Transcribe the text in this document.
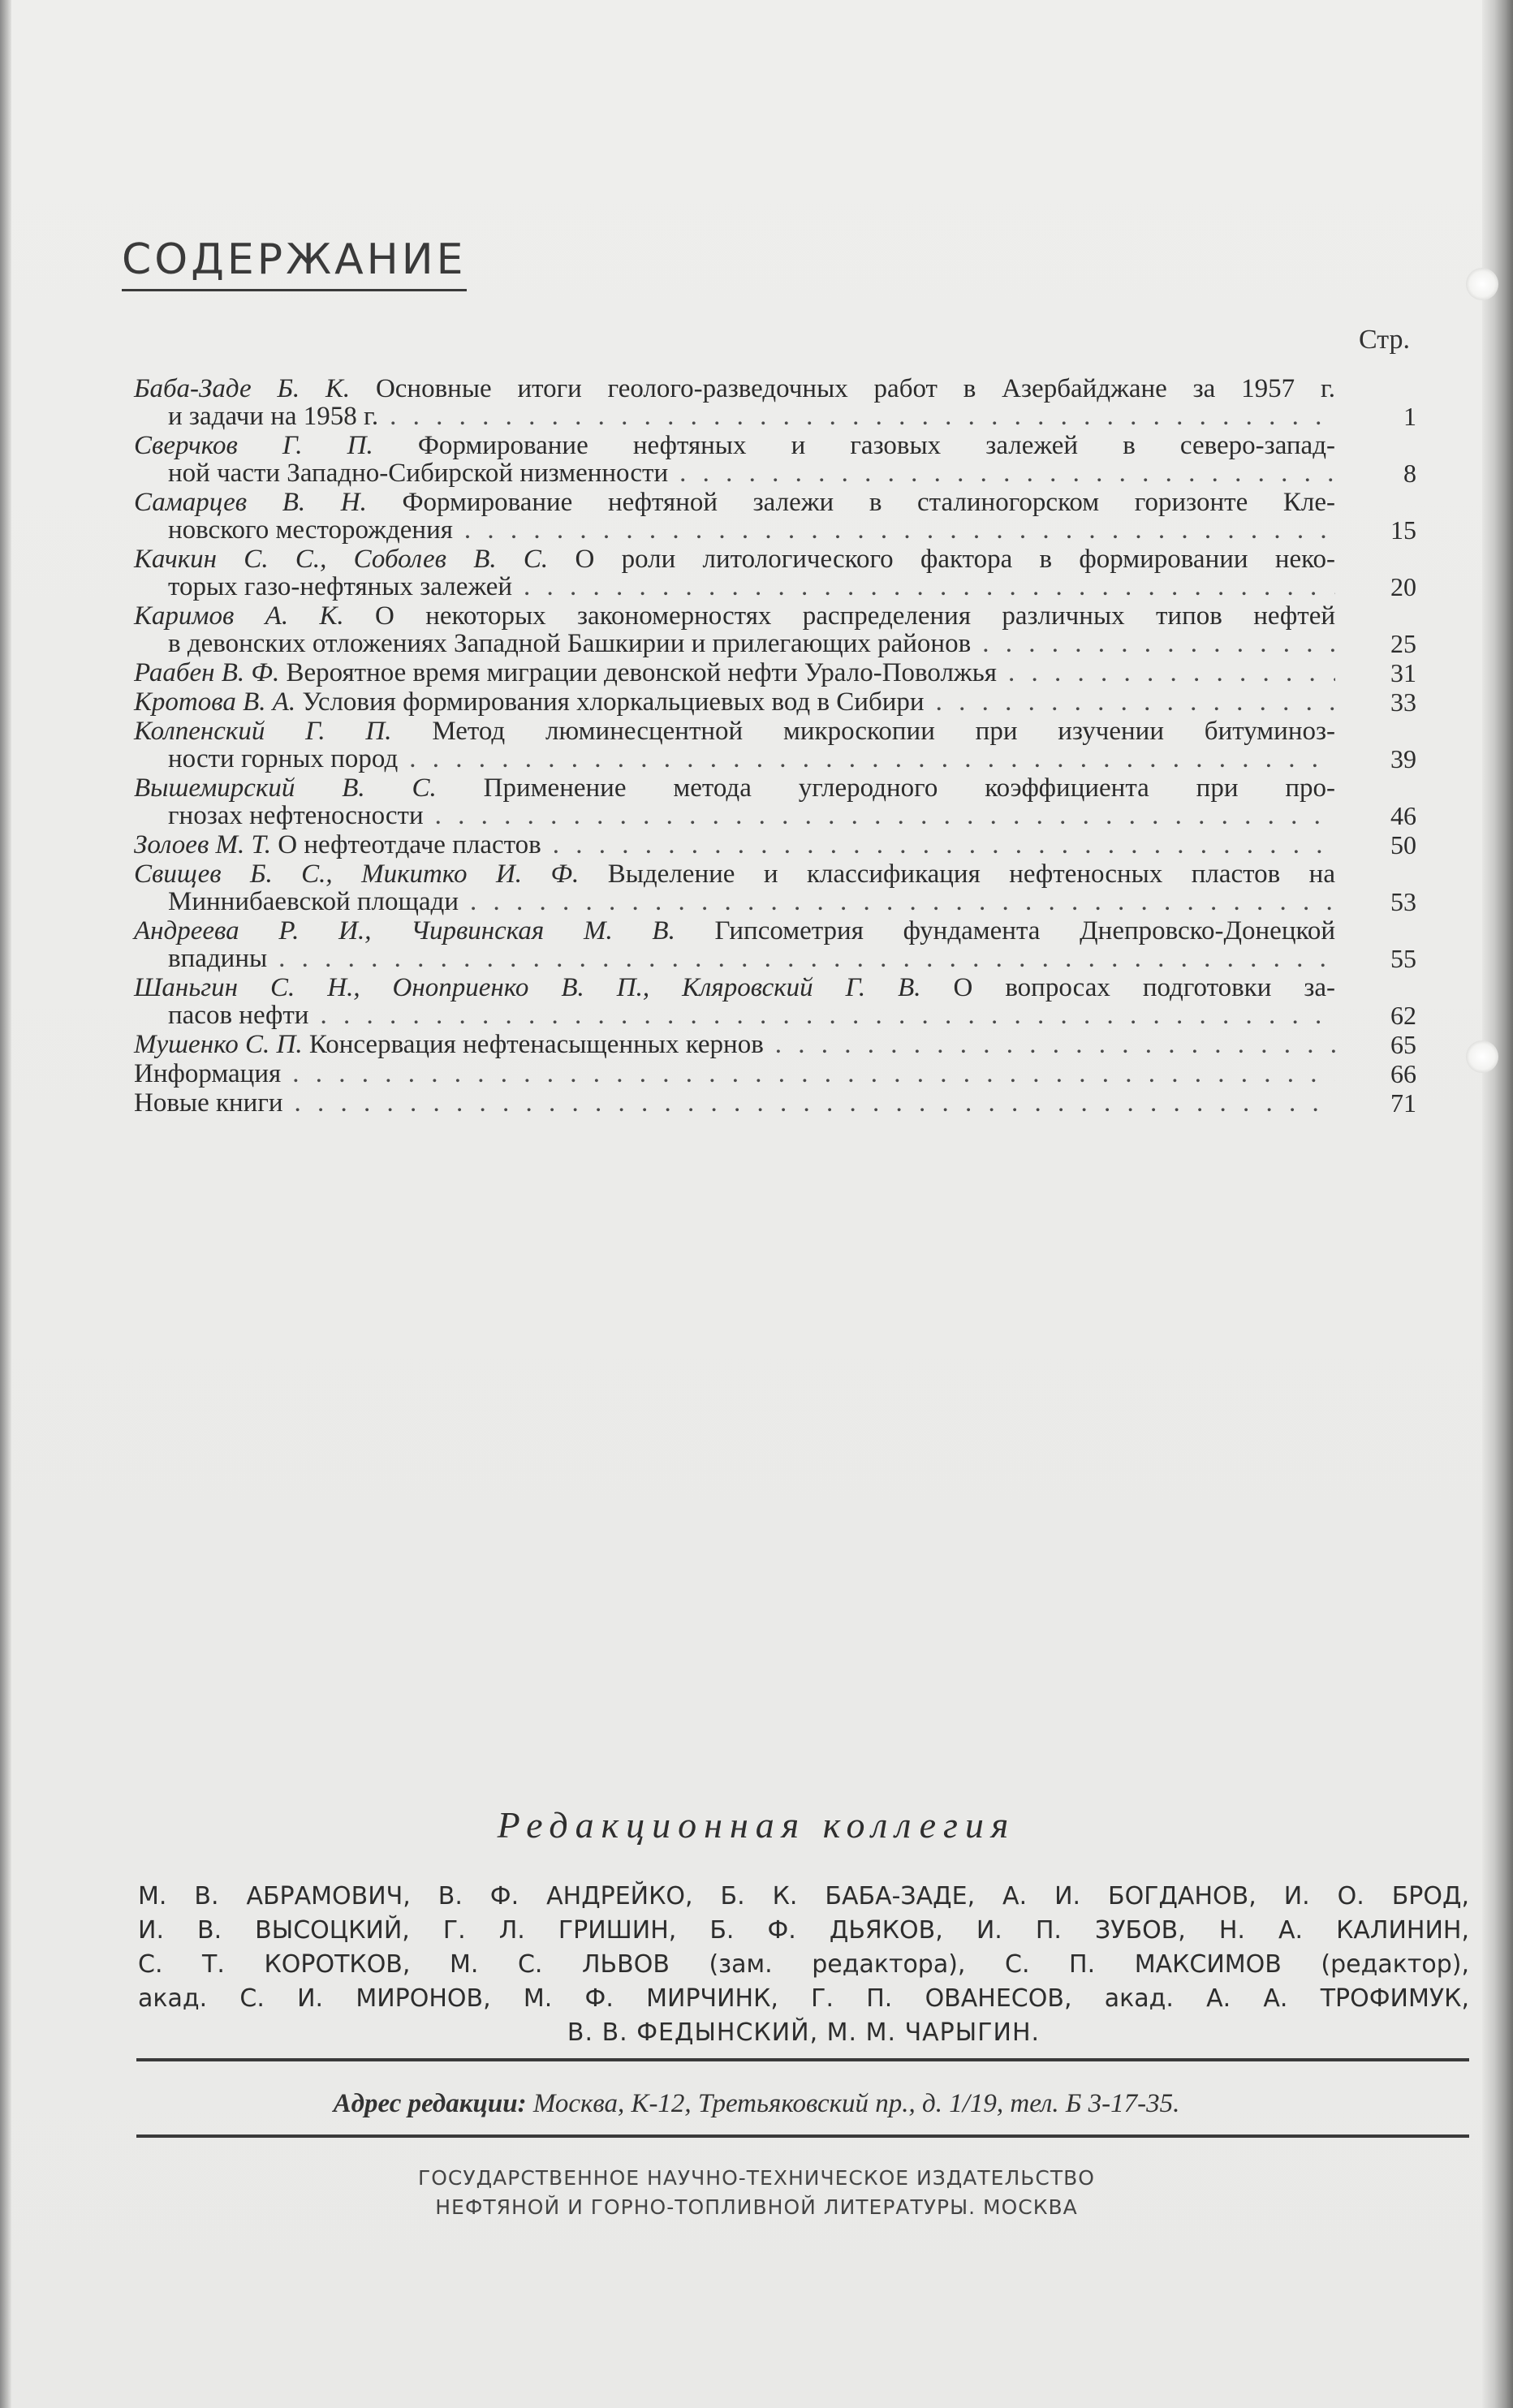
СОДЕРЖАНИЕ
Стр.
Баба-Заде Б. К. Основные итоги геолого-разведочных работ в Азербайджане за 1957 г.
и задачи на 1958 г. . . .	1
Сверчков Г. П. Формирование нефтяных и газовых залежей в северо-запад-
ной части Западно-Сибирской низменности . . .	8
Самарцев В. Н. Формирование нефтяной залежи в сталиногорском горизонте Кле-
новского месторождения . . .	15
Качкин С. С., Соболев В. С. О роли литологического фактора в формировании неко-
торых газо-нефтяных залежей . . .	20
Каримов А. К. О некоторых закономерностях распределения различных типов нефтей
в девонских отложениях Западной Башкирии и прилегающих районов . . .	25
Раабен В. Ф. Вероятное время миграции девонской нефти Урало-Поволжья . . .	31
Кротова В. А. Условия формирования хлоркальциевых вод в Сибири . . .	33
Колпенский Г. П. Метод люминесцентной микроскопии при изучении битуминоз-
ности горных пород . . .	39
Вышемирский В. С. Применение метода углеродного коэффициента при про-
гнозах нефтеносности . . .	46
Золоев М. Т. О нефтеотдаче пластов . . .	50
Свищев Б. С., Микитко И. Ф. Выделение и классификация нефтеносных пластов на
Миннибаевской площади . . .	53
Андреева Р. И., Чирвинская М. В. Гипсометрия фундамента Днепровско-Донецкой
впадины . . .	55
Шаньгин С. Н., Оноприенко В. П., Кляровский Г. В. О вопросах подготовки за-
пасов нефти . . .	62
Мушенко С. П. Консервация нефтенасыщенных кернов . . .	65
Информация . . .	66
Новые книги . . .	71
Редакционная коллегия
М. В. АБРАМОВИЧ, В. Ф. АНДРЕЙКО, Б. К. БАБА-ЗАДЕ, А. И. БОГДАНОВ, И. О. БРОД,
И. В. ВЫСОЦКИЙ, Г. Л. ГРИШИН, Б. Ф. ДЬЯКОВ, И. П. ЗУБОВ, Н. А. КАЛИНИН,
С. Т. КОРОТКОВ, М. С. ЛЬВОВ (зам. редактора), С. П. МАКСИМОВ (редактор),
акад. С. И. МИРОНОВ, М. Ф. МИРЧИНК, Г. П. ОВАНЕСОВ, акад. А. А. ТРОФИМУК,
В. В. ФЕДЫНСКИЙ, М. М. ЧАРЫГИН.
Адрес редакции: Москва, К-12, Третьяковский пр., д. 1/19, тел. Б 3-17-35.
ГОСУДАРСТВЕННОЕ НАУЧНО-ТЕХНИЧЕСКОЕ ИЗДАТЕЛЬСТВО
НЕФТЯНОЙ И ГОРНО-ТОПЛИВНОЙ ЛИТЕРАТУРЫ. МОСКВА
